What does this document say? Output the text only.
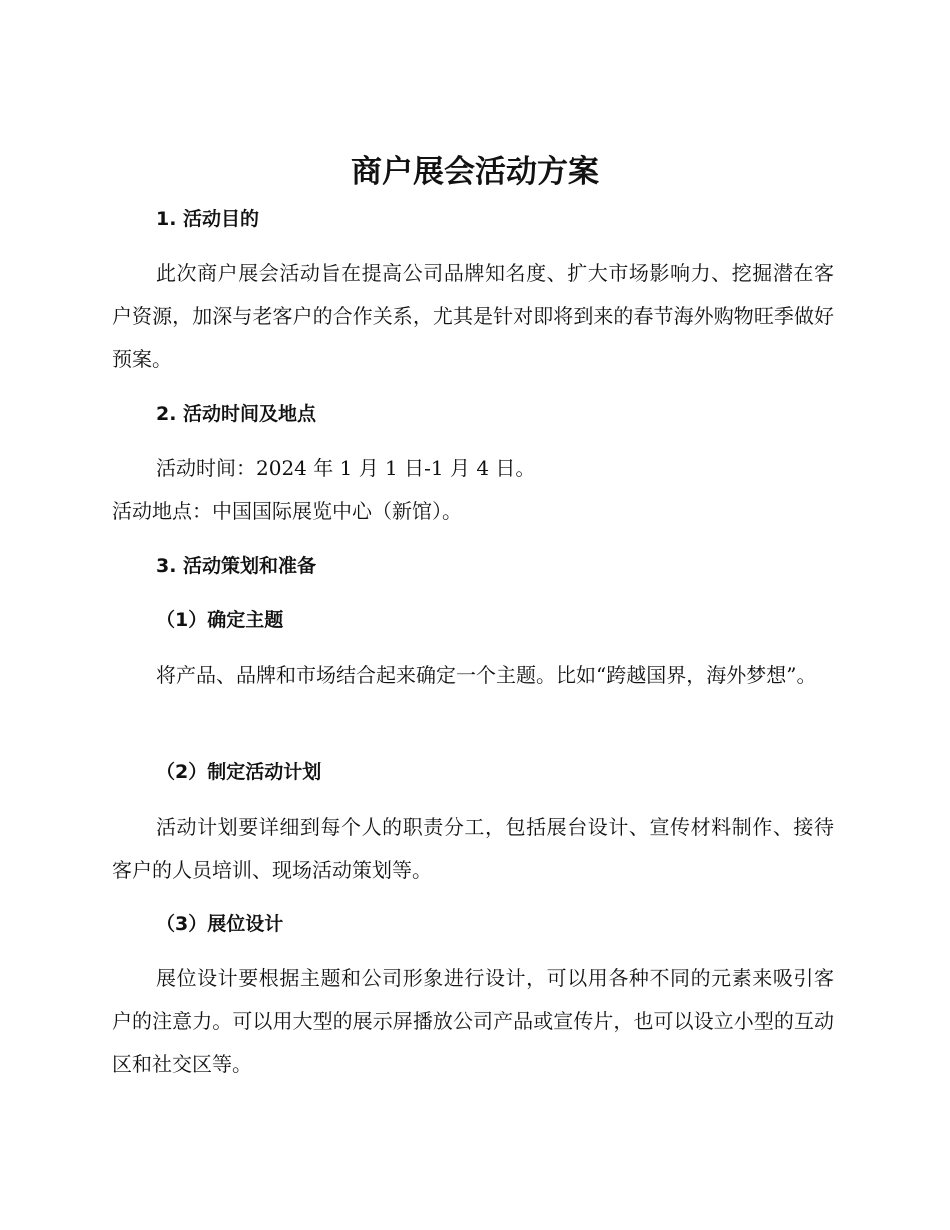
商户展会活动方案
1. 活动目的

此次商户展会活动旨在提高公司品牌知名度、扩大市场影响力、挖掘潜在客户资源，加深与老客户的合作关系，尤其是针对即将到来的春节海外购物旺季做好预案。

2. 活动时间及地点

活动时间：2024 年 1 月 1 日-1 月 4 日。

活动地点：中国国际展览中心（新馆）。

3. 活动策划和准备
（1）确定主题

将产品、品牌和市场结合起来确定一个主题。比如“跨越国界，海外梦想”。

（2）制定活动计划

活动计划要详细到每个人的职责分工，包括展台设计、宣传材料制作、接待客户的人员培训、现场活动策划等。

（3）展位设计

展位设计要根据主题和公司形象进行设计，可以用各种不同的元素来吸引客户的注意力。可以用大型的展示屏播放公司产品或宣传片，也可以设立小型的互动区和社交区等。
